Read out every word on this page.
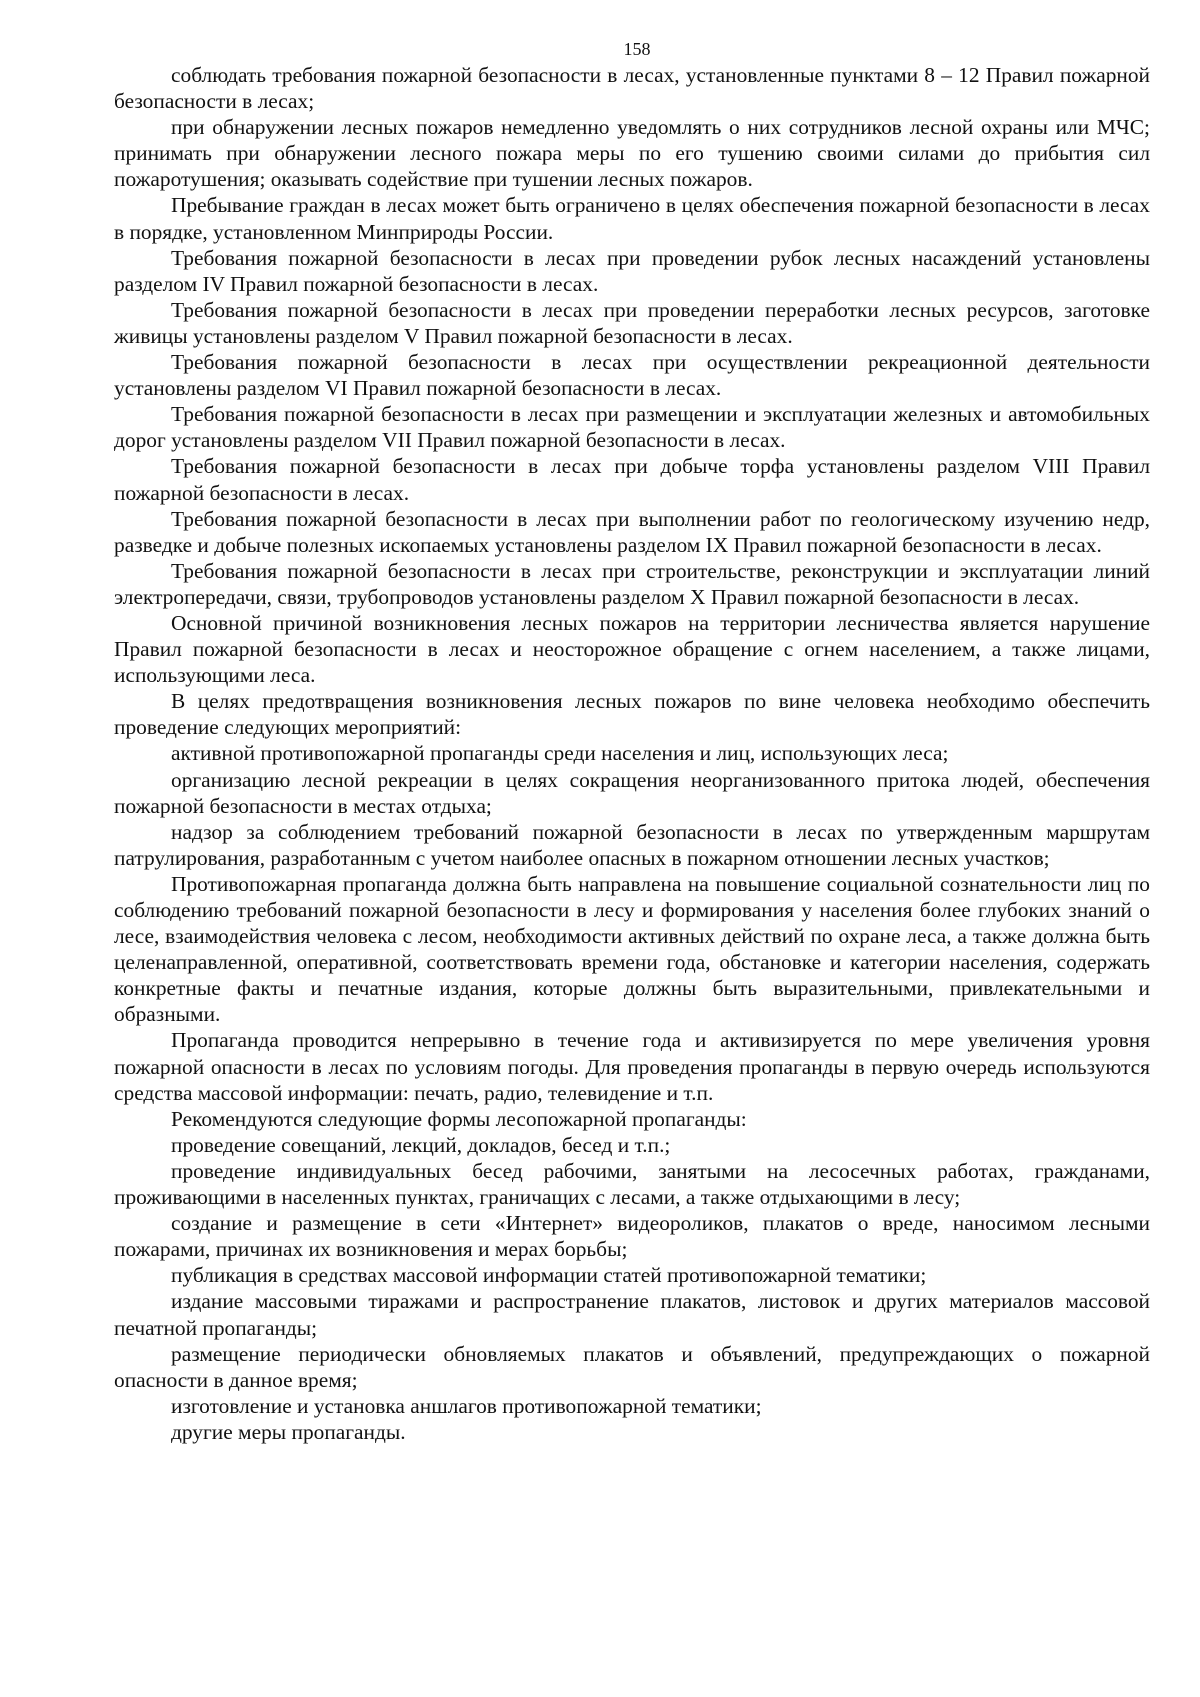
158

соблюдать требования пожарной безопасности в лесах, установленные пунктами 8 – 12 Правил пожарной безопасности в лесах;

при обнаружении лесных пожаров немедленно уведомлять о них сотрудников лесной охраны или МЧС; принимать при обнаружении лесного пожара меры по его тушению своими силами до прибытия сил пожаротушения; оказывать содействие при тушении лесных пожаров.

Пребывание граждан в лесах может быть ограничено в целях обеспечения пожарной безопасности в лесах в порядке, установленном Минприроды России.

Требования пожарной безопасности в лесах при проведении рубок лесных насаждений установлены разделом IV Правил пожарной безопасности в лесах.

Требования пожарной безопасности в лесах при проведении переработки лесных ресурсов, заготовке живицы установлены разделом V Правил пожарной безопасности в лесах.

Требования пожарной безопасности в лесах при осуществлении рекреационной деятельности установлены разделом VI Правил пожарной безопасности в лесах.

Требования пожарной безопасности в лесах при размещении и эксплуатации железных и автомобильных дорог установлены разделом VII Правил пожарной безопасности в лесах.

Требования пожарной безопасности в лесах при добыче торфа установлены разделом VIII Правил пожарной безопасности в лесах.

Требования пожарной безопасности в лесах при выполнении работ по геологическому изучению недр, разведке и добыче полезных ископаемых установлены разделом IX Правил пожарной безопасности в лесах.

Требования пожарной безопасности в лесах при строительстве, реконструкции и эксплуатации линий электропередачи, связи, трубопроводов установлены разделом X Правил пожарной безопасности в лесах.

Основной причиной возникновения лесных пожаров на территории лесничества является нарушение Правил пожарной безопасности в лесах и неосторожное обращение с огнем населением, а также лицами, использующими леса.

В целях предотвращения возникновения лесных пожаров по вине человека необходимо обеспечить проведение следующих мероприятий:

активной противопожарной пропаганды среди населения и лиц, использующих леса;

организацию лесной рекреации в целях сокращения неорганизованного притока людей, обеспечения пожарной безопасности в местах отдыха;

надзор за соблюдением требований пожарной безопасности в лесах по утвержденным маршрутам патрулирования, разработанным с учетом наиболее опасных в пожарном отношении лесных участков;

Противопожарная пропаганда должна быть направлена на повышение социальной сознательности лиц по соблюдению требований пожарной безопасности в лесу и формирования у населения более глубоких знаний о лесе, взаимодействия человека с лесом, необходимости активных действий по охране леса, а также должна быть целенаправленной, оперативной, соответствовать времени года, обстановке и категории населения, содержать конкретные факты и печатные издания, которые должны быть выразительными, привлекательными и образными.

Пропаганда проводится непрерывно в течение года и активизируется по мере увеличения уровня пожарной опасности в лесах по условиям погоды. Для проведения пропаганды в первую очередь используются средства массовой информации: печать, радио, телевидение и т.п.

Рекомендуются следующие формы лесопожарной пропаганды:

проведение совещаний, лекций, докладов, бесед и т.п.;

проведение индивидуальных бесед рабочими, занятыми на лесосечных работах, гражданами, проживающими в населенных пунктах, граничащих с лесами, а также отдыхающими в лесу;

создание и размещение в сети «Интернет» видеороликов, плакатов о вреде, наносимом лесными пожарами, причинах их возникновения и мерах борьбы;

публикация в средствах массовой информации статей противопожарной тематики;

издание массовыми тиражами и распространение плакатов, листовок и других материалов массовой печатной пропаганды;

размещение периодически обновляемых плакатов и объявлений, предупреждающих о пожарной опасности в данное время;

изготовление и установка аншлагов противопожарной тематики;

другие меры пропаганды.
